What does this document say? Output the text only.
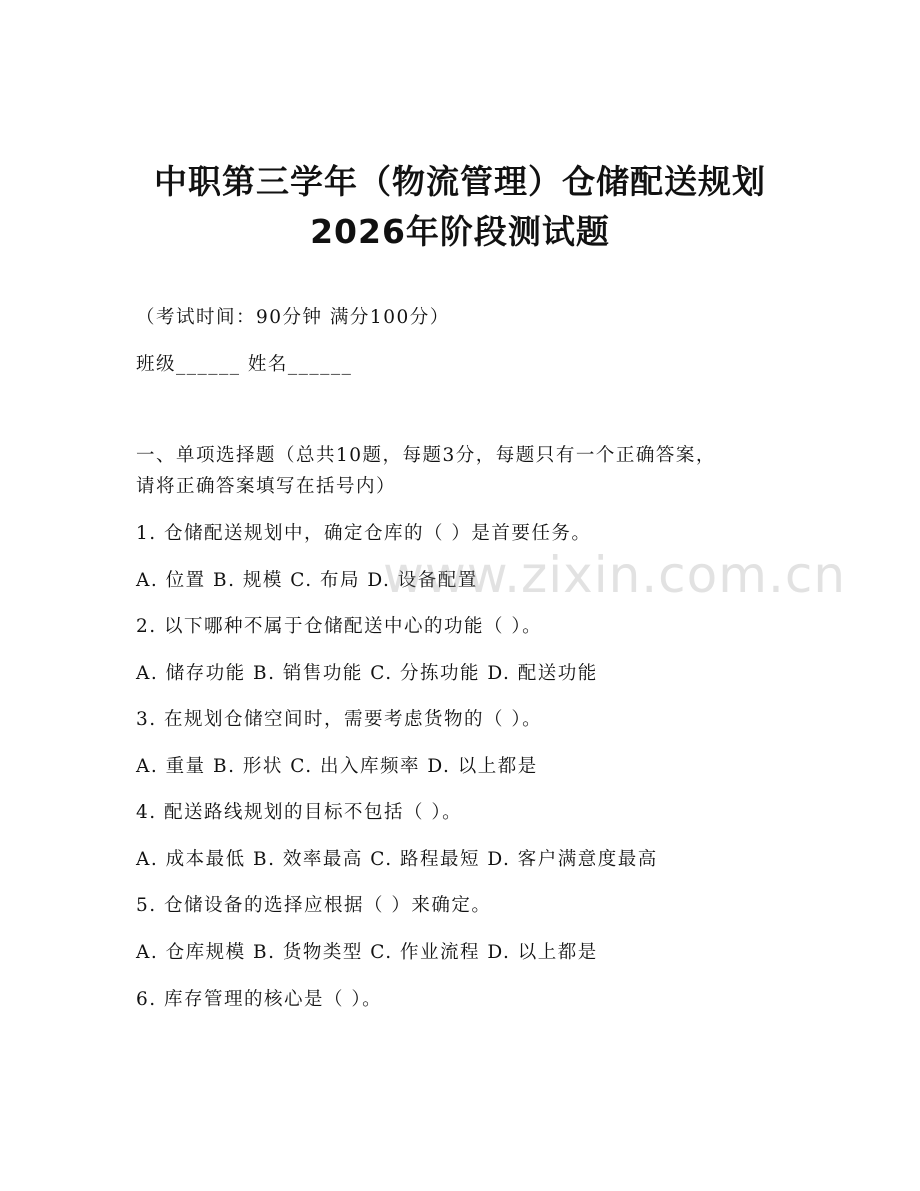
中职第三学年（物流管理）仓储配送规划
2026年阶段测试题
（考试时间：90分钟 满分100分）
班级______ 姓名______
一、单项选择题（总共10题，每题3分，每题只有一个正确答案，
请将正确答案填写在括号内）
1. 仓储配送规划中，确定仓库的（ ）是首要任务。
A. 位置 B. 规模 C. 布局 D. 设备配置
2. 以下哪种不属于仓储配送中心的功能（ ）。
A. 储存功能 B. 销售功能 C. 分拣功能 D. 配送功能
3. 在规划仓储空间时，需要考虑货物的（ ）。
A. 重量 B. 形状 C. 出入库频率 D. 以上都是
4. 配送路线规划的目标不包括（ ）。
A. 成本最低 B. 效率最高 C. 路程最短 D. 客户满意度最高
5. 仓储设备的选择应根据（ ）来确定。
A. 仓库规模 B. 货物类型 C. 作业流程 D. 以上都是
6. 库存管理的核心是（ ）。
www.zixin.com.cn
